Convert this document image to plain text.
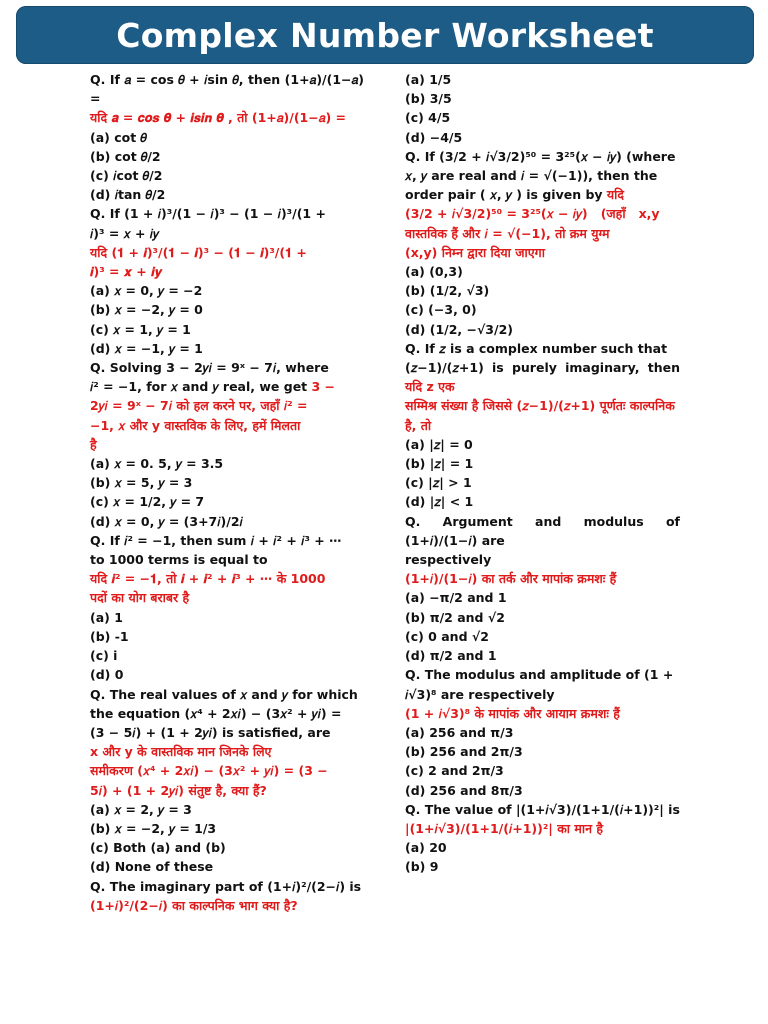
Complex Number Worksheet
Q. If 𝑎 = cos 𝜃 + 𝑖sin 𝜃, then (1+𝑎)/(1−𝑎) =
यदि 𝒂 = 𝒄𝒐𝒔 𝜽 + 𝒊𝒔𝒊𝒏 𝜽 , तो (1+𝑎)/(1−𝑎) =
(a) cot 𝜃
(b) cot 𝜃/2
(c) 𝑖cot 𝜃/2
(d) 𝑖tan 𝜃/2
Q. If (1 + 𝑖)³/(1 − 𝑖)³ − (1 − 𝑖)³/(1 +
𝑖)³ = 𝑥 + 𝑖𝑦
यदि (𝟏 + 𝒊)³/(𝟏 − 𝒊)³ − (𝟏 − 𝒊)³/(𝟏 +
𝒊)³ = 𝒙 + 𝒊𝒚
(a) 𝑥 = 0, 𝑦 = −2
(b) 𝑥 = −2, 𝑦 = 0
(c) 𝑥 = 1, 𝑦 = 1
(d) 𝑥 = −1, 𝑦 = 1
Q. Solving 3 − 2𝑦𝑖 = 9ˣ − 7𝑖, where
𝑖² = −1, for 𝑥 and 𝑦 real, we get 3 −
2𝑦𝑖 = 9ˣ − 7𝑖 को हल करने पर, जहाँ 𝑖² =
−1, 𝑥 और y वास्तविक के लिए, हमें मिलता
है
(a) 𝑥 = 0. 5, 𝑦 = 3.5
(b) 𝑥 = 5, 𝑦 = 3
(c) 𝑥 = 1/2, 𝑦 = 7
(d) 𝑥 = 0, 𝑦 = (3+7𝑖)/2𝑖
Q. If 𝑖² = −1, then sum 𝑖 + 𝑖² + 𝑖³ + ⋯
to 1000 terms is equal to
यदि 𝒊² = −𝟏, तो 𝒊 + 𝒊² + 𝒊³ + ⋯ के 1000
पदों का योग बराबर है
(a) 1
(b) -1
(c) i
(d) 0
Q. The real values of 𝑥 and 𝑦 for which
the equation (𝑥⁴ + 2𝑥𝑖) − (3𝑥² + 𝑦𝑖) =
(3 − 5𝑖) + (1 + 2𝑦𝑖) is satisfied, are
x और y के वास्तविक मान जिनके लिए
समीकरण (𝑥⁴ + 2𝑥𝑖) − (3𝑥² + 𝑦𝑖) = (3 −
5𝑖) + (1 + 2𝑦𝑖) संतुष्ट है, क्या हैं?
(a) 𝑥 = 2, 𝑦 = 3
(b) 𝑥 = −2, 𝑦 = 1/3
(c) Both (a) and (b)
(d) None of these
Q. The imaginary part of (1+𝑖)²/(2−𝑖) is
(1+𝑖)²/(2−𝑖) का काल्पनिक भाग क्या है?
(a) 1/5
(b) 3/5
(c) 4/5
(d) −4/5
Q. If (3/2 + 𝑖√3/2)⁵⁰ = 3²⁵(𝑥 − 𝑖𝑦) (where
𝑥, 𝑦 are real and 𝑖 = √(−1)), then the
order pair ( 𝑥, 𝑦 ) is given by यदि
(3/2 + 𝑖√3/2)⁵⁰ = 3²⁵(𝑥 − 𝑖𝑦)   (जहाँ   x,y
वास्तविक हैं और 𝑖 = √(−1), तो क्रम युग्म
(x,y) निम्न द्वारा दिया जाएगा
(a) (0,3)
(b) (1/2, √3)
(c) (−3, 0)
(d) (1/2, −√3/2)
Q. If 𝑧 is a complex number such that
(𝑧−1)/(𝑧+1) is purely imaginary, then यदि z एक
सम्मिश्र संख्या है जिससे (𝑧−1)/(𝑧+1) पूर्णतः काल्पनिक
है, तो
(a) |𝑧| = 0
(b) |𝑧| = 1
(c) |𝑧| > 1
(d) |𝑧| < 1
Q. Argument and modulus of (1+𝑖)/(1−𝑖) are
respectively
(1+𝑖)/(1−𝑖) का तर्क और मापांक क्रमशः हैं
(a) −π/2 and 1
(b) π/2 and √2
(c) 0 and √2
(d) π/2 and 1
Q. The modulus and amplitude of (1 +
𝑖√3)⁸ are respectively
(1 + 𝑖√3)⁸ के मापांक और आयाम क्रमशः हैं
(a) 256 and π/3
(b) 256 and 2π/3
(c) 2 and 2π/3
(d) 256 and 8π/3
Q. The value of |(1+𝑖√3)/(1+1/(𝑖+1))²| is
|(1+𝑖√3)/(1+1/(𝑖+1))²| का मान है
(a) 20
(b) 9
